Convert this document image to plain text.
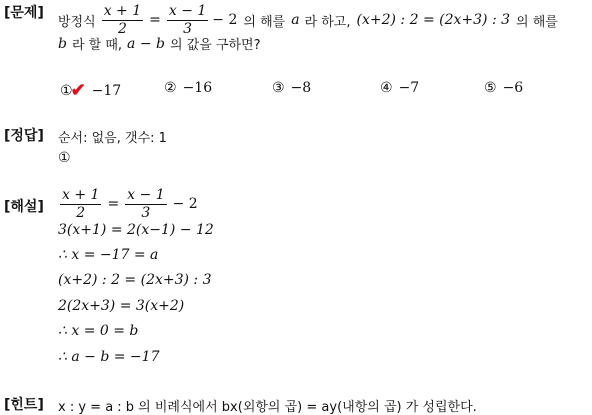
[문제]
방정식 $\frac{x + 1}{2} = \frac{x - 1}{3} - 2$ 의 해를 a 라 하고, (x+2) : 2 = (2x+3) : 3 의 해를
b 라 할 때, a − b 의 값을 구하면?
①
✔ −17	② −16	③ −8	④ −7	⑤ −6
[정답] 순서: 없음, 갯수: 1
①
[해설] $\frac{x + 1}{2} = \frac{x - 1}{3} - 2$
3(x+1) = 2(x−1) − 12
∴ x = −17 = a
(x+2) : 2 = (2x+3) : 3
2(2x+3) = 3(x+2)
∴ x = 0 = b
∴ a − b = −17
[힌트] x : y = a : b 의 비례식에서 bx(외항의 곱) = ay(내항의 곱) 가 성립한다.
